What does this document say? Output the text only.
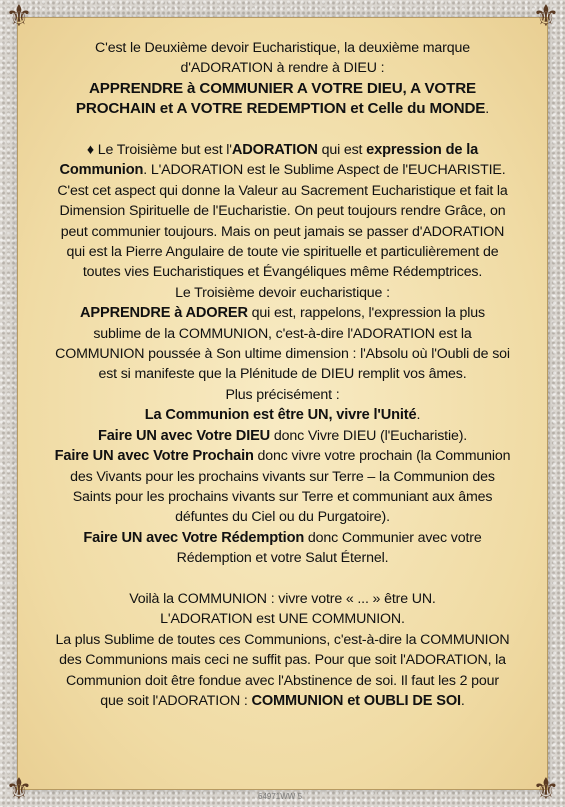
⚜	⚜
⚜	⚜

C'est le Deuxième devoir Eucharistique, la deuxième marque

d'ADORATION à rendre à DIEU :

APPRENDRE à COMMUNIER A VOTRE DIEU, A VOTRE

PROCHAIN et A VOTRE REDEMPTION et Celle du MONDE.

♦ Le Troisième but est l'ADORATION qui est expression de la

Communion. L'ADORATION est le Sublime Aspect de l'EUCHARISTIE.

C'est cet aspect qui donne la Valeur au Sacrement Eucharistique et fait la

Dimension Spirituelle de l'Eucharistie. On peut toujours rendre Grâce, on

peut communier toujours. Mais on peut jamais se passer d'ADORATION

qui est la Pierre Angulaire de toute vie spirituelle et particulièrement de

toutes vies Eucharistiques et Évangéliques même Rédemptrices.

Le Troisième devoir eucharistique :

APPRENDRE à ADORER qui est, rappelons, l'expression la plus

sublime de la COMMUNION, c'est-à-dire l'ADORATION est la

COMMUNION poussée à Son ultime dimension : l'Absolu où l'Oubli de soi

est si manifeste que la Plénitude de DIEU remplit vos âmes.

Plus précisément :

La Communion est être UN, vivre l'Unité.

Faire UN avec Votre DIEU donc Vivre DIEU (l'Eucharistie).

Faire UN avec Votre Prochain donc vivre votre prochain (la Communion

des Vivants pour les prochains vivants sur Terre – la Communion des

Saints pour les prochains vivants sur Terre et communiant aux âmes

défuntes du Ciel ou du Purgatoire).

Faire UN avec Votre Rédemption donc Communier avec votre

Rédemption et votre Salut Éternel.

Voilà la COMMUNION : vivre votre « ... » être UN.

L'ADORATION est UNE COMMUNION.

La plus Sublime de toutes ces Communions, c'est-à-dire la COMMUNION

des Communions mais ceci ne suffit pas. Pour que soit l'ADORATION, la

Communion doit être fondue avec l'Abstinence de soi. Il faut les 2 pour

que soit l'ADORATION : COMMUNION et OUBLI DE SOI.

64971WW 5
